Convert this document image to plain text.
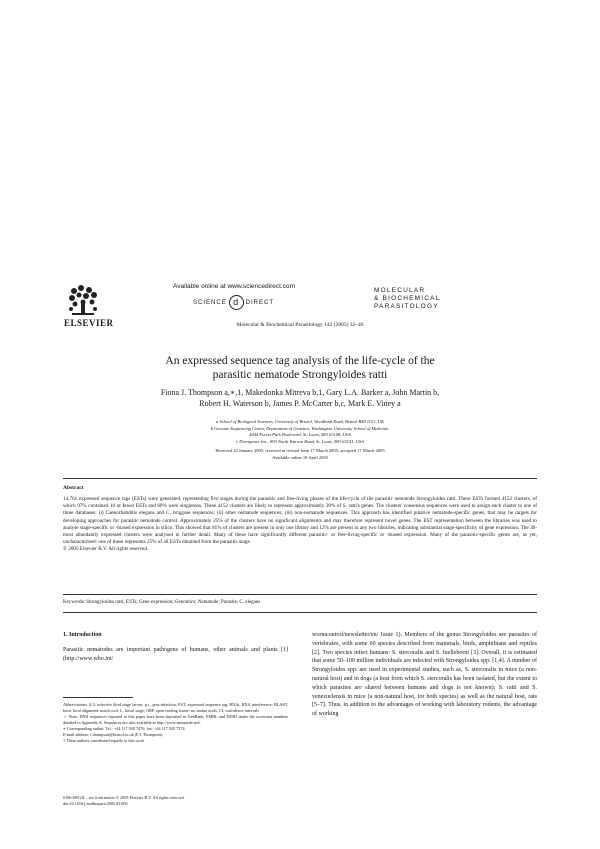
ELSEVIER
Available online at www.sciencedirect.com
SCIENCE d DIRECT
MOLECULAR
& BIOCHEMICAL
PARASITOLOGY
Molecular & Biochemical Parasitology 142 (2005) 32–46
An expressed sequence tag analysis of the life-cycle of the
parasitic nematode Strongyloides ratti
Fiona J. Thompson a,∗,1, Makedonka Mitreva b,1, Gary L.A. Barker a, John Martin b,
Robert H. Waterson b, James P. McCarter b,c, Mark E. Viney a
a School of Biological Sciences, University of Bristol, Woodland Road, Bristol BS8 1UG, UK
b Genome Sequencing Center, Department of Genetics, Washington University School of Medicine,
4444 Forest Park Boulevard, St. Louis, MO 63108, USA
c Divergence Inc., 893 North Warson Road, St. Louis, MO 63141, USA
Received 24 January 2005; received in revised form 17 March 2005; accepted 17 March 2005
Available online 18 April 2005
Abstract
14,761 expressed sequence tags (ESTs) were generated, representing five stages during the parasitic and free-living phases of the life-cycle of the parasitic nematode Strongyloides ratti. These ESTs formed 4152 clusters, of which 97% contained 10 or fewer ESTs and 60% were singletons. These 4152 clusters are likely to represent approximately 20% of S. ratti's genes. The clusters' consensus sequences were used to assign each cluster to one of three databases: (i) Caenorhabditis elegans and C. briggsae sequences; (ii) other nematode sequences; (iii) non-nematode sequences. This approach has identified putative nematode-specific genes, that may be targets for developing approaches for parasitic nematode control. Approximately 25% of the clusters have no significant alignments and may therefore represent novel genes. The EST representation between the libraries was used to analyse stage-specific or -biased expression in silico. This showed that 81% of clusters are present in only one library and 12% are present in any two libraries, indicating substantial stage-specificity of gene expression. The 30-most abundantly expressed clusters were analysed in further detail. Many of these have significantly different parasitic- or free-living-specific or -biased expression. Many of the parasitic-specific genes are, as yet, uncharacterised: one of these represents 25% of all ESTs obtained from the parasitic stage.
© 2005 Elsevier B.V. All rights reserved.
Keywords: Strongyloides ratti; ESTs; Gene expression; Genomics; Nematode; Parasite; C. elegans
1. Introduction
Parasitic nematodes are important pathogens of humans, other animals and plants [1] (http://www.who.int/
wormcontrol/newsletter/en/ Issue 1). Members of the genus Strongyloides are parasites of vertebrates, with some 60 species described from mammals, birds, amphibians and reptiles [2]. Two species infect humans: S. stercoralis and S. fuelleborni [3]. Overall, it is estimated that some 50–100 million individuals are infected with Strongyloides spp. [1,4]. A number of Strongyloides spp. are used in experimental studies, such as, S. stercoralis in mice (a non-natural host) and in dogs (a host from which S. stercoralis has been isolated, but the extent to which parasites are shared between humans and dogs is not known); S. ratti and S. venezuelensis in mice (a non-natural host, for both species) as well as the natural host, rats [5–7]. Thus, in addition to the advantages of working with laboratory rodents, the advantage of working
Abbreviations: iL3, infective third stage larvae; p.i., post-infection; EST, expressed sequence tag; RNAi, RNA interference; BLAST, basic local alignment search tool; L, larval stage; ORF, open reading frame; aa, amino acids; CI, confidence intervals
☆ Note: DNA sequences reported in this paper have been deposited in GenBank, EMBL and DDBJ under the accession numbers detailed in Appendix A. Sequences are also available at http://www.nematode.net/.
∗ Corresponding author. Tel.: +44 117 928 7470; fax: +44 117 925 7374.
E-mail address: f.thompson@bristol.ac.uk (F.J. Thompson).
1 These authors contributed equally to this work.
0166-6851/$ – see front matter © 2005 Elsevier B.V. All rights reserved.
doi:10.1016/j.molbiopara.2005.03.006
